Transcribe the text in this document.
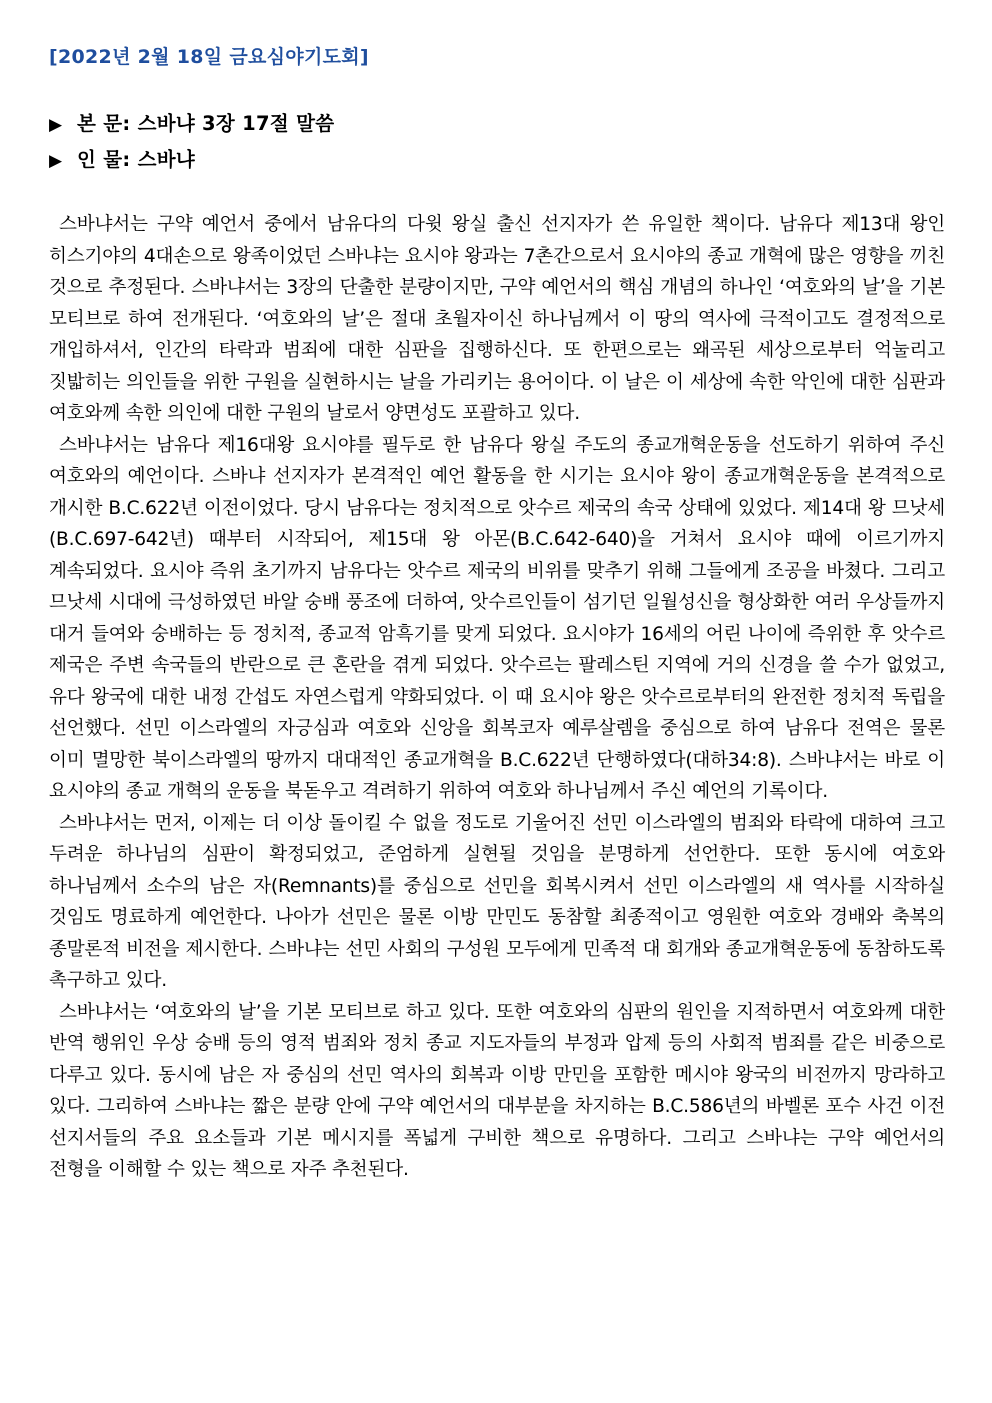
[2022년 2월 18일 금요심야기도회]
▶ 본 문: 스바냐 3장 17절 말씀
▶ 인 물: 스바냐

스바냐서는 구약 예언서 중에서 남유다의 다윗 왕실 출신 선지자가 쓴 유일한 책이다. 남유다 제13대 왕인 히스기야의 4대손으로 왕족이었던 스바냐는 요시야 왕과는 7촌간으로서 요시야의 종교 개혁에 많은 영향을 끼친 것으로 추정된다. 스바냐서는 3장의 단출한 분량이지만, 구약 예언서의 핵심 개념의 하나인 ‘여호와의 날’을 기본 모티브로 하여 전개된다. ‘여호와의 날’은 절대 초월자이신 하나님께서 이 땅의 역사에 극적이고도 결정적으로 개입하셔서, 인간의 타락과 범죄에 대한 심판을 집행하신다. 또 한편으로는 왜곡된 세상으로부터 억눌리고 짓밟히는 의인들을 위한 구원을 실현하시는 날을 가리키는 용어이다. 이 날은 이 세상에 속한 악인에 대한 심판과 여호와께 속한 의인에 대한 구원의 날로서 양면성도 포괄하고 있다.

스바냐서는 남유다 제16대왕 요시야를 필두로 한 남유다 왕실 주도의 종교개혁운동을 선도하기 위하여 주신 여호와의 예언이다. 스바냐 선지자가 본격적인 예언 활동을 한 시기는 요시야 왕이 종교개혁운동을 본격적으로 개시한 B.C.622년 이전이었다. 당시 남유다는 정치적으로 앗수르 제국의 속국 상태에 있었다. 제14대 왕 므낫세(B.C.697-642년) 때부터 시작되어, 제15대 왕 아몬(B.C.642-640)을 거쳐서 요시야 때에 이르기까지 계속되었다. 요시야 즉위 초기까지 남유다는 앗수르 제국의 비위를 맞추기 위해 그들에게 조공을 바쳤다. 그리고 므낫세 시대에 극성하였던 바알 숭배 풍조에 더하여, 앗수르인들이 섬기던 일월성신을 형상화한 여러 우상들까지 대거 들여와 숭배하는 등 정치적, 종교적 암흑기를 맞게 되었다. 요시야가 16세의 어린 나이에 즉위한 후 앗수르 제국은 주변 속국들의 반란으로 큰 혼란을 겪게 되었다. 앗수르는 팔레스틴 지역에 거의 신경을 쓸 수가 없었고, 유다 왕국에 대한 내정 간섭도 자연스럽게 약화되었다. 이 때 요시야 왕은 앗수르로부터의 완전한 정치적 독립을 선언했다. 선민 이스라엘의 자긍심과 여호와 신앙을 회복코자 예루살렘을 중심으로 하여 남유다 전역은 물론 이미 멸망한 북이스라엘의 땅까지 대대적인 종교개혁을 B.C.622년 단행하였다(대하34:8). 스바냐서는 바로 이 요시야의 종교 개혁의 운동을 북돋우고 격려하기 위하여 여호와 하나님께서 주신 예언의 기록이다.

스바냐서는 먼저, 이제는 더 이상 돌이킬 수 없을 정도로 기울어진 선민 이스라엘의 범죄와 타락에 대하여 크고 두려운 하나님의 심판이 확정되었고, 준엄하게 실현될 것임을 분명하게 선언한다. 또한 동시에 여호와 하나님께서 소수의 남은 자(Remnants)를 중심으로 선민을 회복시켜서 선민 이스라엘의 새 역사를 시작하실 것임도 명료하게 예언한다. 나아가 선민은 물론 이방 만민도 동참할 최종적이고 영원한 여호와 경배와 축복의 종말론적 비전을 제시한다. 스바냐는 선민 사회의 구성원 모두에게 민족적 대 회개와 종교개혁운동에 동참하도록 촉구하고 있다.

스바냐서는 ‘여호와의 날’을 기본 모티브로 하고 있다. 또한 여호와의 심판의 원인을 지적하면서 여호와께 대한 반역 행위인 우상 숭배 등의 영적 범죄와 정치 종교 지도자들의 부정과 압제 등의 사회적 범죄를 같은 비중으로 다루고 있다. 동시에 남은 자 중심의 선민 역사의 회복과 이방 만민을 포함한 메시야 왕국의 비전까지 망라하고 있다. 그리하여 스바냐는 짧은 분량 안에 구약 예언서의 대부분을 차지하는 B.C.586년의 바벨론 포수 사건 이전 선지서들의 주요 요소들과 기본 메시지를 폭넓게 구비한 책으로 유명하다. 그리고 스바냐는 구약 예언서의 전형을 이해할 수 있는 책으로 자주 추천된다.
